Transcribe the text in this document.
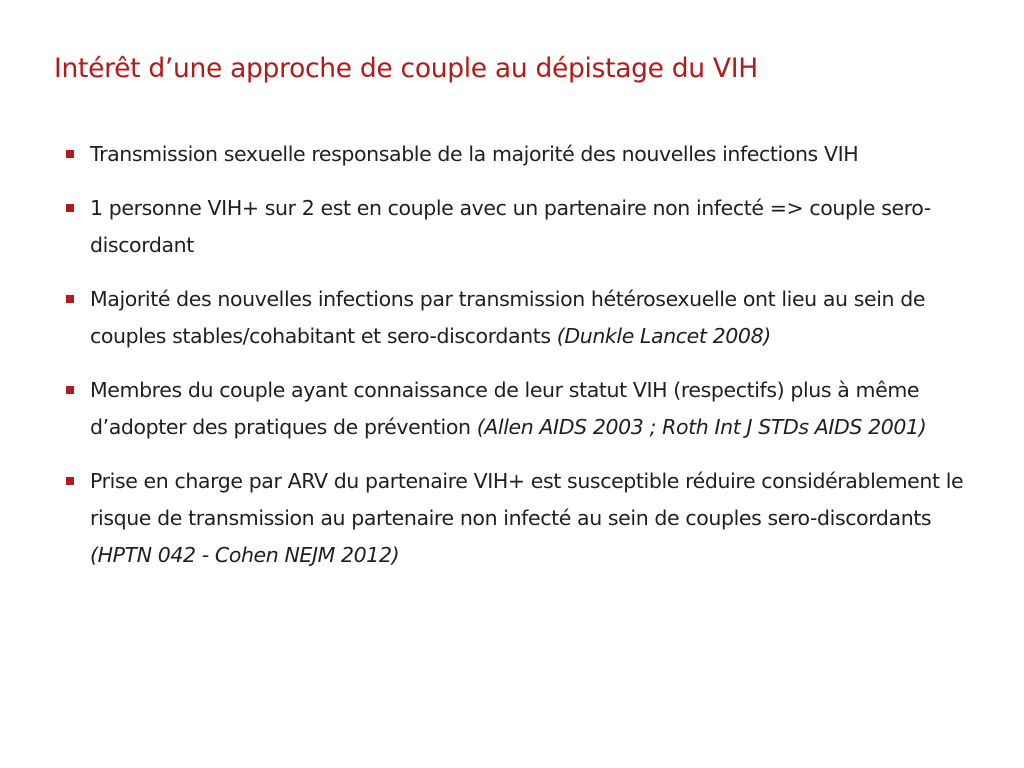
Intérêt d’une approche de couple au dépistage du VIH
Transmission sexuelle responsable de la majorité des nouvelles infections VIH
1 personne VIH+ sur 2 est en couple avec un partenaire non infecté => couple sero-discordant
Majorité des nouvelles infections par transmission hétérosexuelle ont lieu au sein de couples stables/cohabitant et sero-discordants (Dunkle Lancet 2008)
Membres du couple ayant connaissance de leur statut VIH (respectifs) plus à même d’adopter des pratiques de prévention (Allen AIDS 2003 ; Roth Int J STDs AIDS 2001)
Prise en charge par ARV du partenaire VIH+ est susceptible réduire considérablement le risque de transmission au partenaire non infecté au sein de couples sero-discordants (HPTN 042 - Cohen NEJM 2012)
